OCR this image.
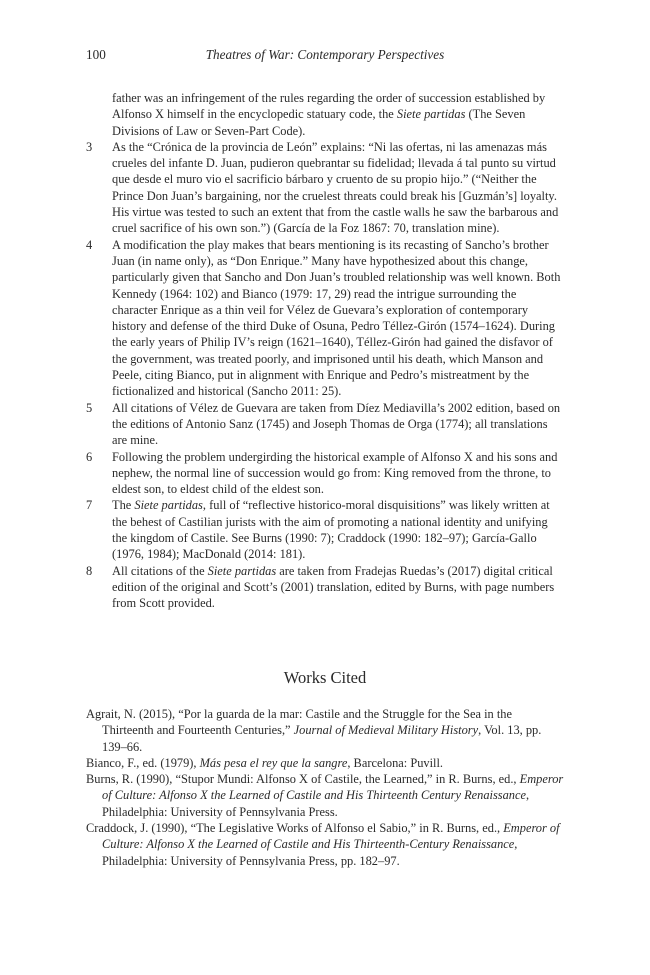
100	Theatres of War: Contemporary Perspectives
father was an infringement of the rules regarding the order of succession established by Alfonso X himself in the encyclopedic statuary code, the Siete partidas (The Seven Divisions of Law or Seven-Part Code).
3	As the “Crónica de la provincia de León” explains: “Ni las ofertas, ni las amenazas más crueles del infante D. Juan, pudieron quebrantar su fidelidad; llevada á tal punto su virtud que desde el muro vio el sacrificio bárbaro y cruento de su propio hijo.” (“Neither the Prince Don Juan’s bargaining, nor the cruelest threats could break his [Guzmán’s] loyalty. His virtue was tested to such an extent that from the castle walls he saw the barbarous and cruel sacrifice of his own son.”) (García de la Foz 1867: 70, translation mine).
4	A modification the play makes that bears mentioning is its recasting of Sancho’s brother Juan (in name only), as “Don Enrique.” Many have hypothesized about this change, particularly given that Sancho and Don Juan’s troubled relationship was well known. Both Kennedy (1964: 102) and Bianco (1979: 17, 29) read the intrigue surrounding the character Enrique as a thin veil for Vélez de Guevara’s exploration of contemporary history and defense of the third Duke of Osuna, Pedro Téllez-Girón (1574–1624). During the early years of Philip IV’s reign (1621–1640), Téllez-Girón had gained the disfavor of the government, was treated poorly, and imprisoned until his death, which Manson and Peele, citing Bianco, put in alignment with Enrique and Pedro’s mistreatment by the fictionalized and historical (Sancho 2011: 25).
5	All citations of Vélez de Guevara are taken from Díez Mediavilla’s 2002 edition, based on the editions of Antonio Sanz (1745) and Joseph Thomas de Orga (1774); all translations are mine.
6	Following the problem undergirding the historical example of Alfonso X and his sons and nephew, the normal line of succession would go from: King removed from the throne, to eldest son, to eldest child of the eldest son.
7	The Siete partidas, full of “reflective historico-moral disquisitions” was likely written at the behest of Castilian jurists with the aim of promoting a national identity and unifying the kingdom of Castile. See Burns (1990: 7); Craddock (1990: 182–97); García-Gallo (1976, 1984); MacDonald (2014: 181).
8	All citations of the Siete partidas are taken from Fradejas Ruedas’s (2017) digital critical edition of the original and Scott’s (2001) translation, edited by Burns, with page numbers from Scott provided.
Works Cited
Agrait, N. (2015), “Por la guarda de la mar: Castile and the Struggle for the Sea in the Thirteenth and Fourteenth Centuries,” Journal of Medieval Military History, Vol. 13, pp. 139–66.
Bianco, F., ed. (1979), Más pesa el rey que la sangre, Barcelona: Puvill.
Burns, R. (1990), “Stupor Mundi: Alfonso X of Castile, the Learned,” in R. Burns, ed., Emperor of Culture: Alfonso X the Learned of Castile and His Thirteenth Century Renaissance, Philadelphia: University of Pennsylvania Press.
Craddock, J. (1990), “The Legislative Works of Alfonso el Sabio,” in R. Burns, ed., Emperor of Culture: Alfonso X the Learned of Castile and His Thirteenth-Century Renaissance, Philadelphia: University of Pennsylvania Press, pp. 182–97.
